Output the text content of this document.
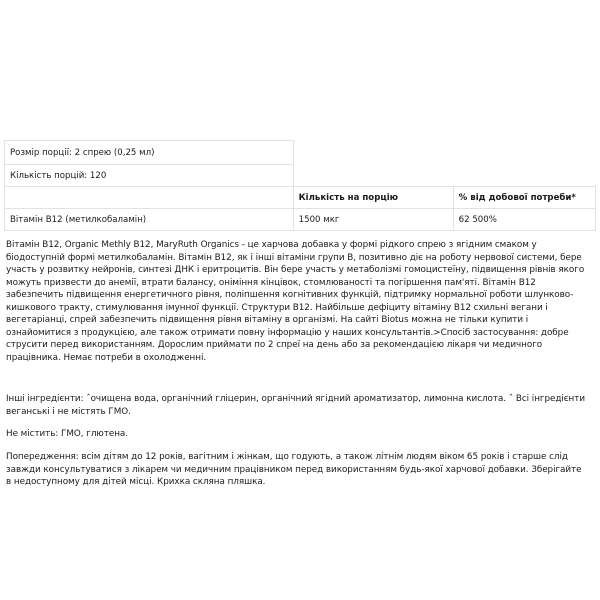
Розмір порції: 2 спрею (0,25 мл)		
Кількість порцій: 120		
	Кількість на порцію	% від добової потреби*
Вітамін B12 (метилкобаламін)	1500 мкг	62 500%
Вітамін B12, Organic Methly B12, MaryRuth Organics - це харчова добавка у формі рідкого спрею з ягідним смаком у
біодоступній формі метилкобаламін. Вітамін B12, як і інші вітаміни групи B, позитивно діє на роботу нервової системи, бере
участь у розвитку нейронів, синтезі ДНК і еритроцитів. Він бере участь у метаболізмі гомоцистеїну, підвищення рівнів якого
можуть призвести до анемії, втрати балансу, оніміння кінцівок, стомлюваності та погіршення пам'яті. Вітамін B12
забезпечить підвищення енергетичного рівня, поліпшення когнітивних функцій, підтримку нормальної роботи шлунково-
кишкового тракту, стимулювання імунної функції. Структури B12. Найбільше дефіциту вітаміну B12 схильні вегани і
вегетаріанці, спрей забезпечить підвищення рівня вітаміну в організмі. На сайті Biotus можна не тільки купити і
ознайомитися з продукцією, але також отримати повну інформацію у наших консультантів.>Спосіб застосування: добре
струсити перед використанням. Дорослим приймати по 2 спреї на день або за рекомендацією лікаря чи медичного
працівника. Немає потреби в охолодженні.
Інші інгредієнти: ˆочищена вода, органічний гліцерин, органічний ягідний ароматизатор, лимонна кислота. ˆ Всі інгредієнти
веганські і не містять ГМО.
Не містить: ГМО, глютена.
Попередження: всім дітям до 12 років, вагітним і жінкам, що годують, а також літнім людям віком 65 років і старше слід
завжди консультуватися з лікарем чи медичним працівником перед використанням будь-якої харчової добавки. Зберігайте
в недоступному для дітей місці. Крихка скляна пляшка.
